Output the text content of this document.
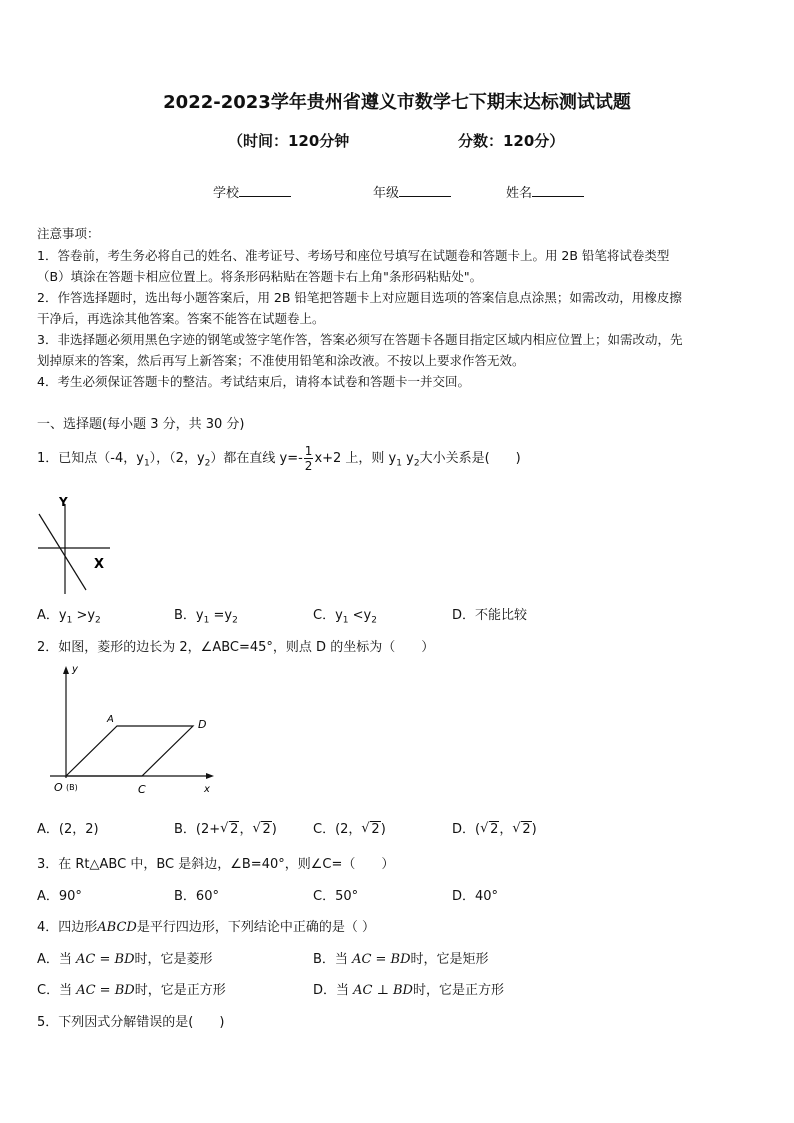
2022-2023学年贵州省遵义市数学七下期末达标测试试题
（时间：120分钟	分数：120分）
学校	年级	姓名
注意事项：
1．答卷前，考生务必将自己的姓名、准考证号、考场号和座位号填写在试题卷和答题卡上。用 2B 铅笔将试卷类型
（B）填涂在答题卡相应位置上。将条形码粘贴在答题卡右上角"条形码粘贴处"。
2．作答选择题时，选出每小题答案后，用 2B 铅笔把答题卡上对应题目选项的答案信息点涂黑；如需改动，用橡皮擦
干净后，再选涂其他答案。答案不能答在试题卷上。
3．非选择题必须用黑色字迹的钢笔或签字笔作答，答案必须写在答题卡各题目指定区域内相应位置上；如需改动，先
划掉原来的答案，然后再写上新答案；不准使用铅笔和涂改液。不按以上要求作答无效。
4．考生必须保证答题卡的整洁。考试结束后，请将本试卷和答题卡一并交回。
一、选择题(每小题 3 分，共 30 分)
1．已知点（-4，$y_1$），（2，$y_2$）都在直线 $y=- \frac{1}{2} x+2$ 上，则 $y_1$ $y_2$大小关系是(　　)
Y
X
A．$y_1 >y_2$	B．$y_1 =y_2$	C．$y_1 <y_2$	D．不能比较
2．如图，菱形的边长为 2，∠ABC=45°，则点 D 的坐标为（　　）
y
x
A	D
O (B)	C
A．(2，2)	B．(2+ √ 2， √ 2)	C．(2， √ 2)	D．( √ 2， √ 2)
3．在 Rt△ABC 中，BC 是斜边，∠B=40°，则∠C=（　　）
A．90°	B．60°	C．50°	D．40°
4．四边形ABCD是平行四边形，下列结论中正确的是（ ）
A．当 AC = BD时，它是菱形	B．当 AC = BD时，它是矩形
C．当 AC = BD时，它是正方形	D．当 AC ⊥ BD时，它是正方形
5．下列因式分解错误的是(　　)
